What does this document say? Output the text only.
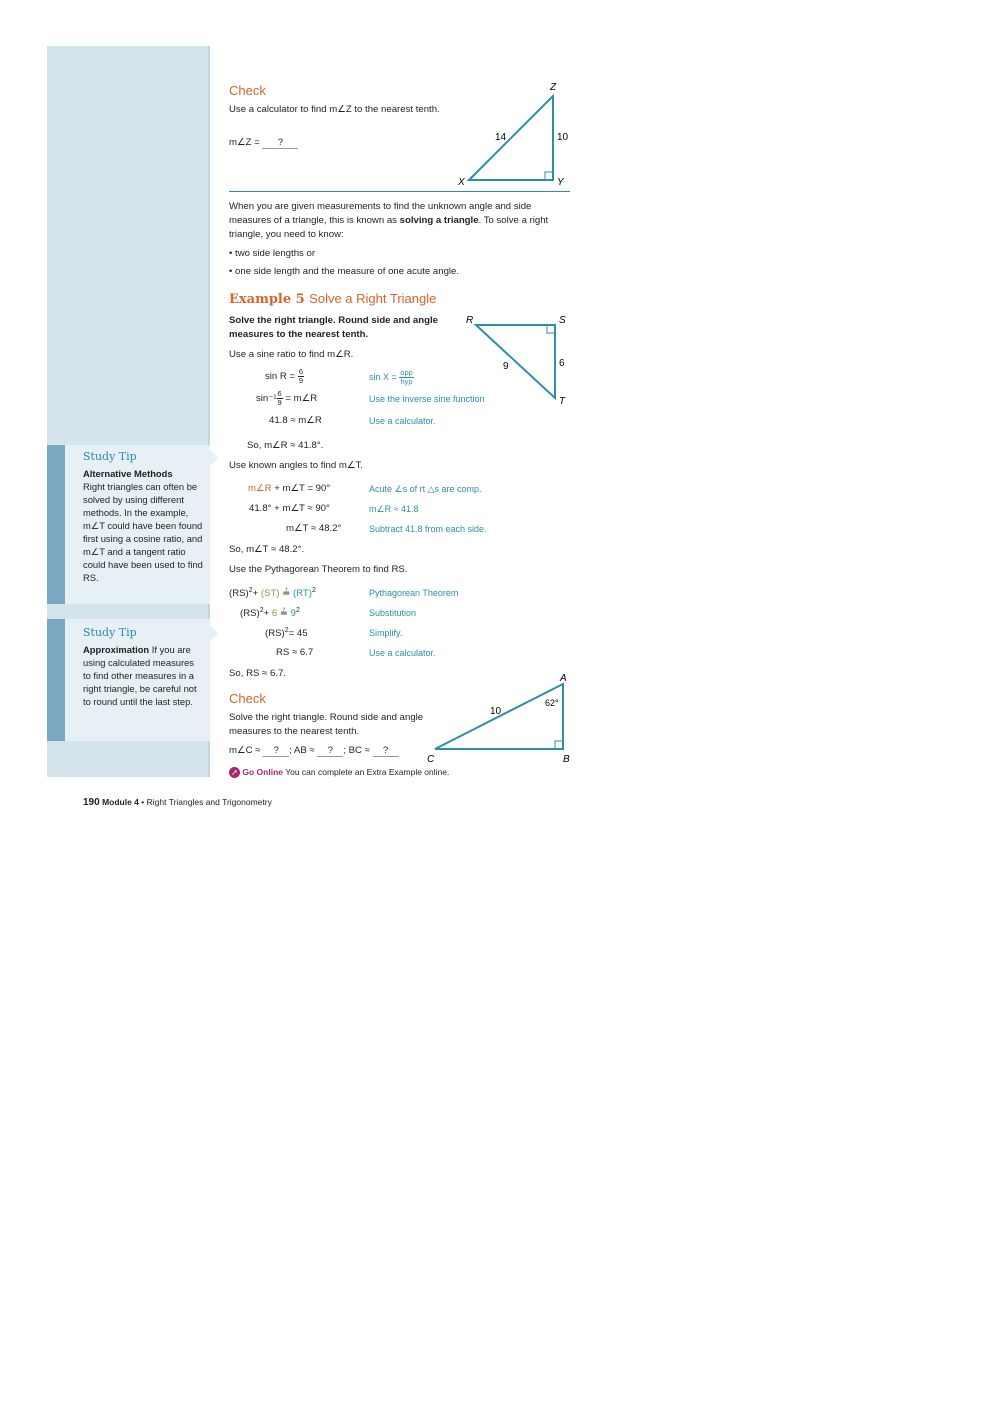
Study Tip
Alternative Methods
Right triangles can often be solved by using different methods. In the example, m∠T could have been found first using a cosine ratio, and m∠T and a tangent ratio could have been used to find RS.
Study Tip
Approximation If you are using calculated measures to find other measures in a right triangle, be careful not to round until the last step.
Check
Use a calculator to find m∠Z to the nearest tenth.
m∠Z = ?
Z
X	Y
14	10
When you are given measurements to find the unknown angle and side measures of a triangle, this is known as solving a triangle. To solve a right triangle, you need to know:
• two side lengths or
• one side length and the measure of one acute angle.
Example 5 Solve a Right Triangle
Solve the right triangle. Round side and angle measures to the nearest tenth.
R	S
T
9	6
Use a sine ratio to find m∠R.
$\sin R = \frac{6}{9}$	$\sin X = \frac{\text{opp}}{\text{hyp}}$
$\sin^{-1} \frac{6}{9}$ = m∠R	Use the inverse sine function
41.8 ≈ m∠R	Use a calculator.
So, m∠R ≈ 41.8°.
Use known angles to find m∠T.
m∠R + m∠T = 90°	Acute ∠s of rt △s are comp.
41.8° + m∠T ≈ 90°	m∠R ≈ 41.8
m∠T ≈ 48.2°	Subtract 41.8 from each side.
So, m∠T ≈ 48.2°.
Use the Pythagorean Theorem to find RS.
(RS)$^2$+ (ST) ≟ (RT)$^2$	Pythagorean Theorem
(RS)$^2$+ 6 ≟ $9^2$	Substitution
(RS)$^2$= 45	Simplify.
RS ≈ 6.7	Use a calculator.
So, RS ≈ 6.7.
Check
Solve the right triangle. Round side and angle measures to the nearest tenth.
m∠C ≈ ? ; AB ≈ ? ; BC ≈ ?
A
B
C
10
62°
➚ Go Online You can complete an Extra Example online.
190 Module 4 • Right Triangles and Trigonometry
